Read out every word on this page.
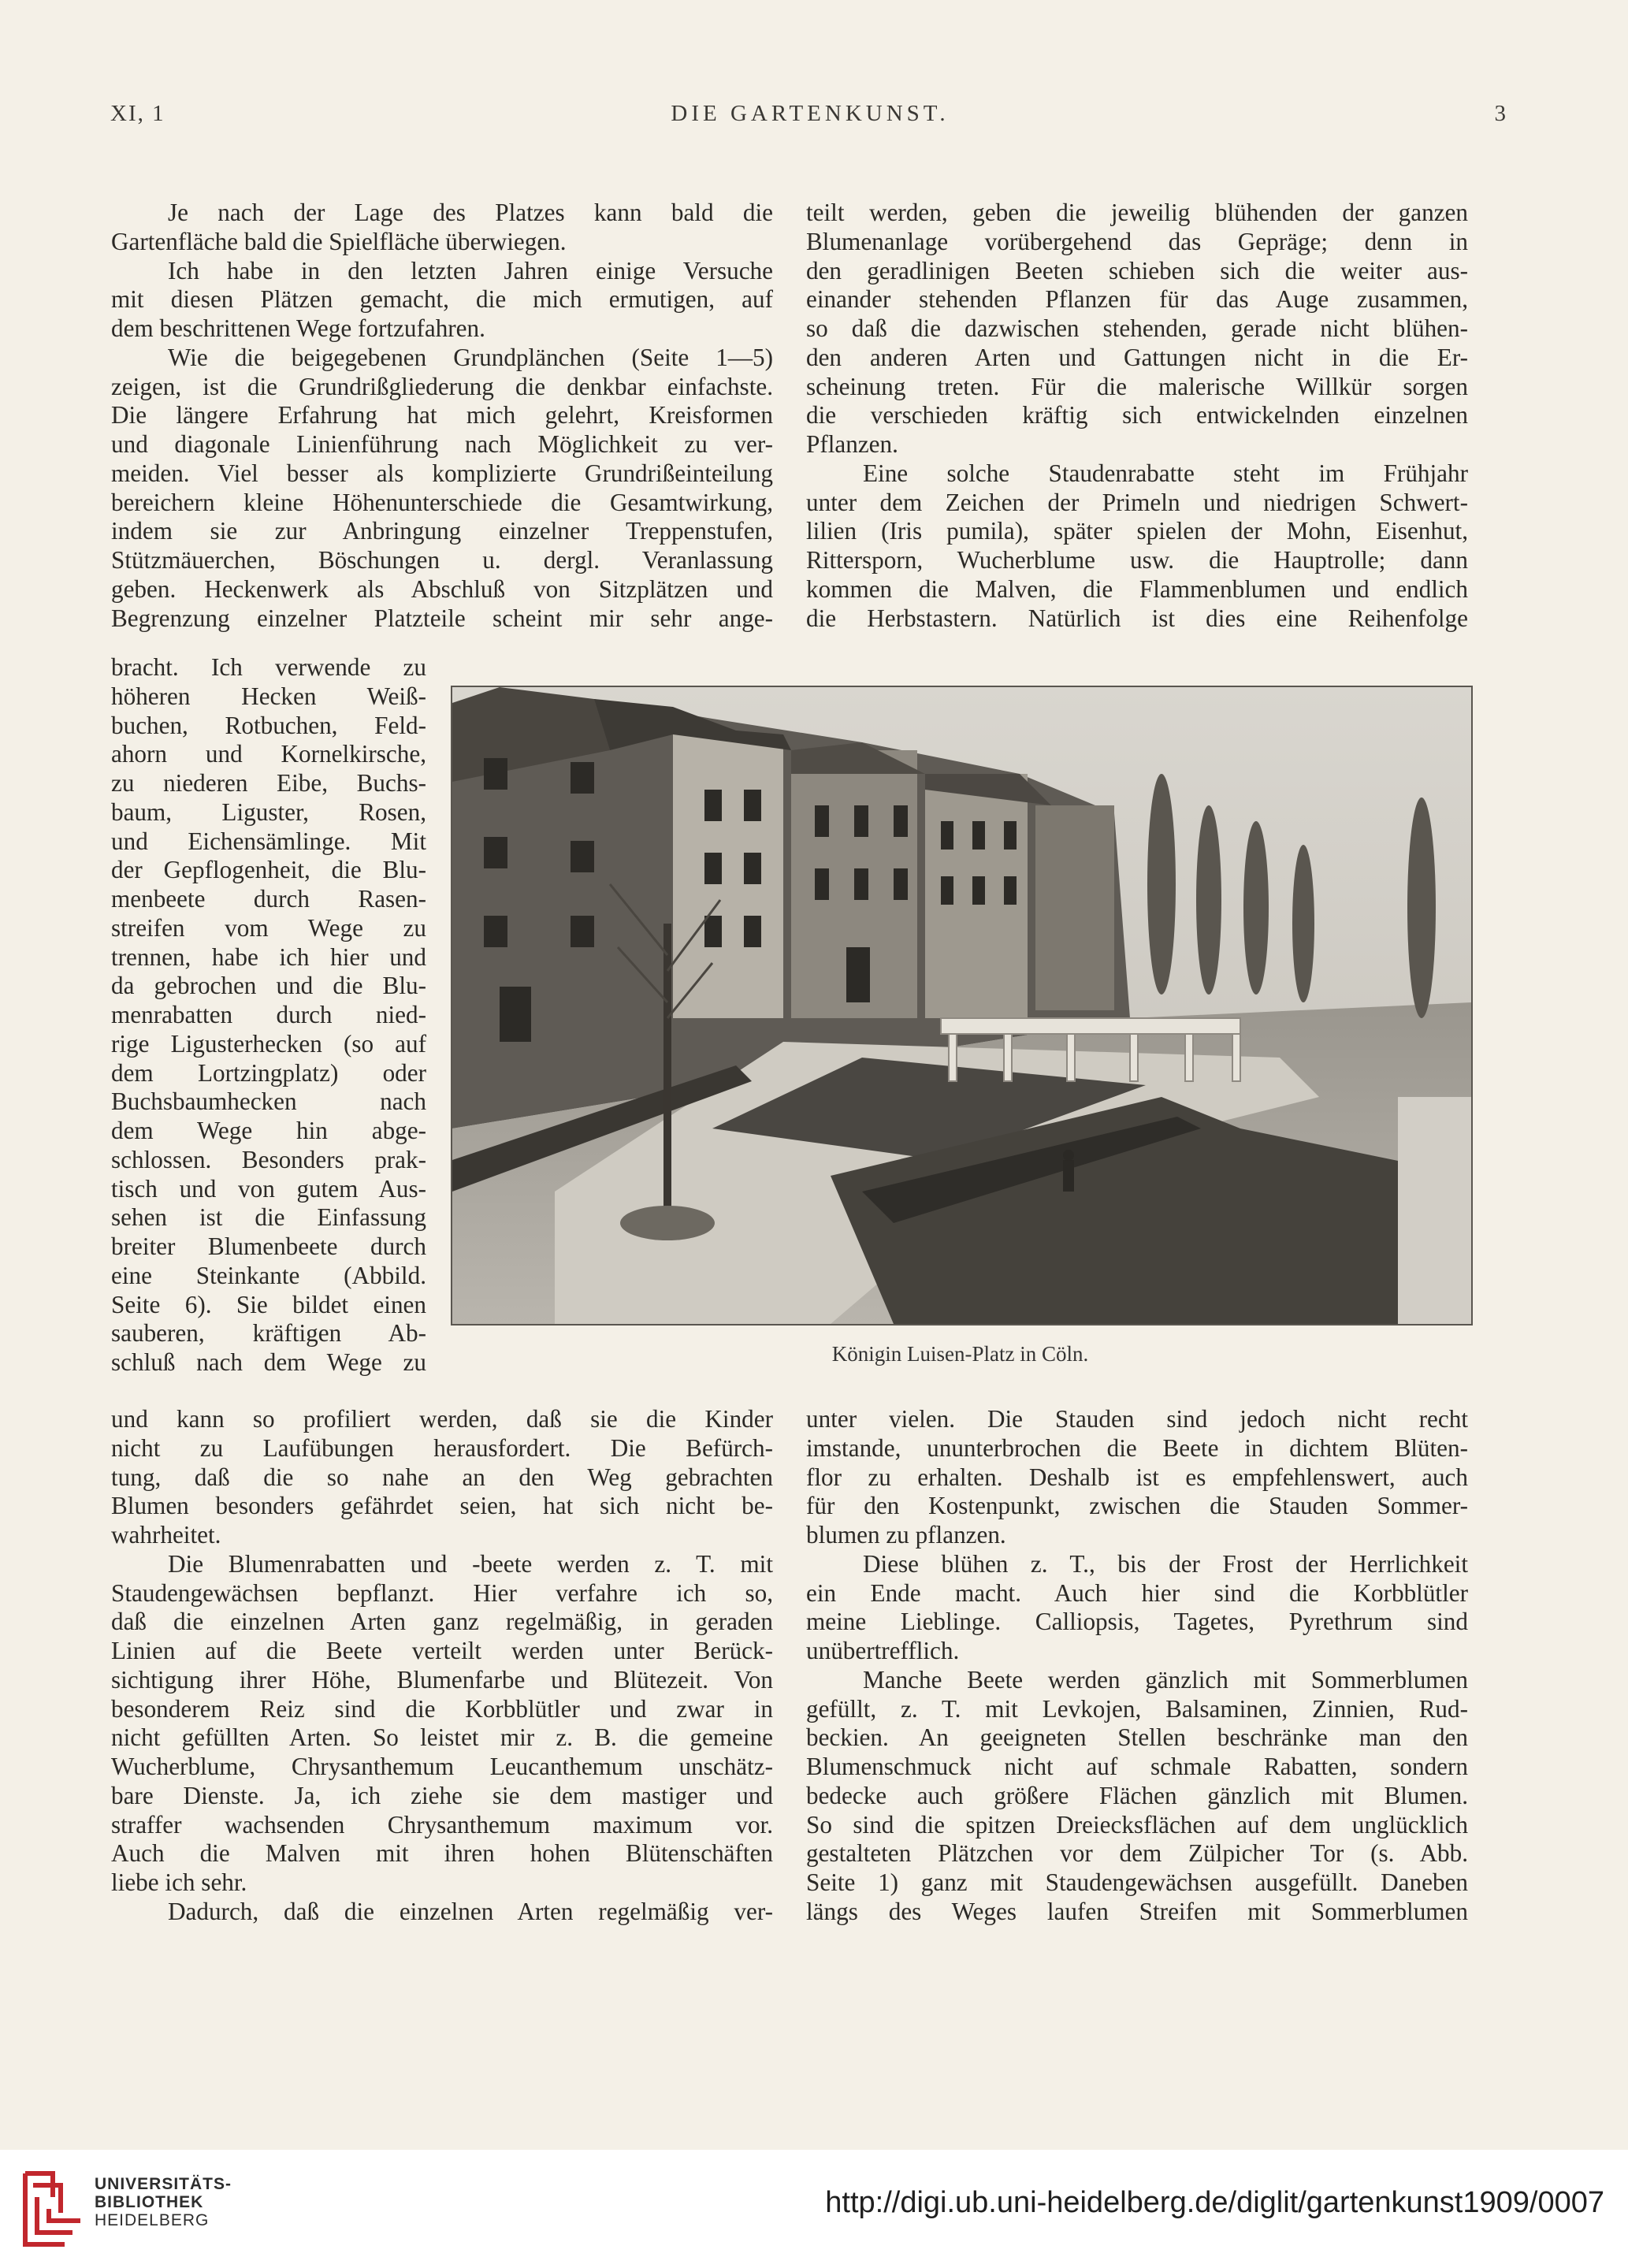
XI, 1	DIE GARTENKUNST.	3
Je nach der Lage des Platzes kann bald die
Gartenfläche bald die Spielfläche überwiegen.
Ich habe in den letzten Jahren einige Versuche
mit diesen Plätzen gemacht, die mich ermutigen, auf
dem beschrittenen Wege fortzufahren.
Wie die beigegebenen Grundplänchen (Seite 1—5)
zeigen, ist die Grundrißgliederung die denkbar einfachste.
Die längere Erfahrung hat mich gelehrt, Kreisformen
und diagonale Linienführung nach Möglichkeit zu ver-
meiden. Viel besser als komplizierte Grundrißeinteilung
bereichern kleine Höhenunterschiede die Gesamtwirkung,
indem sie zur Anbringung einzelner Treppenstufen,
Stützmäuerchen, Böschungen u. dergl. Veranlassung
geben. Heckenwerk als Abschluß von Sitzplätzen und
Begrenzung einzelner Platzteile scheint mir sehr ange-
teilt werden, geben die jeweilig blühenden der ganzen
Blumenanlage vorübergehend das Gepräge; denn in
den geradlinigen Beeten schieben sich die weiter aus-
einander stehenden Pflanzen für das Auge zusammen,
so daß die dazwischen stehenden, gerade nicht blühen-
den anderen Arten und Gattungen nicht in die Er-
scheinung treten. Für die malerische Willkür sorgen
die verschieden kräftig sich entwickelnden einzelnen
Pflanzen.
Eine solche Staudenrabatte steht im Frühjahr
unter dem Zeichen der Primeln und niedrigen Schwert-
lilien (Iris pumila), später spielen der Mohn, Eisenhut,
Rittersporn, Wucherblume usw. die Hauptrolle; dann
kommen die Malven, die Flammenblumen und endlich
die Herbstastern. Natürlich ist dies eine Reihenfolge
bracht. Ich verwende zu
höheren Hecken Weiß-
buchen, Rotbuchen, Feld-
ahorn und Kornelkirsche,
zu niederen Eibe, Buchs-
baum, Liguster, Rosen,
und Eichensämlinge. Mit
der Gepflogenheit, die Blu-
menbeete durch Rasen-
streifen vom Wege zu
trennen, habe ich hier und
da gebrochen und die Blu-
menrabatten durch nied-
rige Ligusterhecken (so auf
dem Lortzingplatz) oder
Buchsbaumhecken nach
dem Wege hin abge-
schlossen. Besonders prak-
tisch und von gutem Aus-
sehen ist die Einfassung
breiter Blumenbeete durch
eine Steinkante (Abbild.
Seite 6). Sie bildet einen
sauberen, kräftigen Ab-
schluß nach dem Wege zu	Königin Luisen-Platz in Cöln.
und kann so profiliert werden, daß sie die Kinder
nicht zu Laufübungen herausfordert. Die Befürch-
tung, daß die so nahe an den Weg gebrachten
Blumen besonders gefährdet seien, hat sich nicht be-
wahrheitet.
Die Blumenrabatten und -beete werden z. T. mit
Staudengewächsen bepflanzt. Hier verfahre ich so,
daß die einzelnen Arten ganz regelmäßig, in geraden
Linien auf die Beete verteilt werden unter Berück-
sichtigung ihrer Höhe, Blumenfarbe und Blütezeit. Von
besonderem Reiz sind die Korbblütler und zwar in
nicht gefüllten Arten. So leistet mir z. B. die gemeine
Wucherblume, Chrysanthemum Leucanthemum unschätz-
bare Dienste. Ja, ich ziehe sie dem mastiger und
straffer wachsenden Chrysanthemum maximum vor.
Auch die Malven mit ihren hohen Blütenschäften
liebe ich sehr.
Dadurch, daß die einzelnen Arten regelmäßig ver-
unter vielen. Die Stauden sind jedoch nicht recht
imstande, ununterbrochen die Beete in dichtem Blüten-
flor zu erhalten. Deshalb ist es empfehlenswert, auch
für den Kostenpunkt, zwischen die Stauden Sommer-
blumen zu pflanzen.
Diese blühen z. T., bis der Frost der Herrlichkeit
ein Ende macht. Auch hier sind die Korbblütler
meine Lieblinge. Calliopsis, Tagetes, Pyrethrum sind
unübertrefflich.
Manche Beete werden gänzlich mit Sommerblumen
gefüllt, z. T. mit Levkojen, Balsaminen, Zinnien, Rud-
beckien. An geeigneten Stellen beschränke man den
Blumenschmuck nicht auf schmale Rabatten, sondern
bedecke auch größere Flächen gänzlich mit Blumen.
So sind die spitzen Dreiecksflächen auf dem unglücklich
gestalteten Plätzchen vor dem Zülpicher Tor (s. Abb.
Seite 1) ganz mit Staudengewächsen ausgefüllt. Daneben
längs des Weges laufen Streifen mit Sommerblumen
UNIVERSITÄTS-
BIBLIOTHEK
HEIDELBERG
http://digi.ub.uni-heidelberg.de/diglit/gartenkunst1909/0007
